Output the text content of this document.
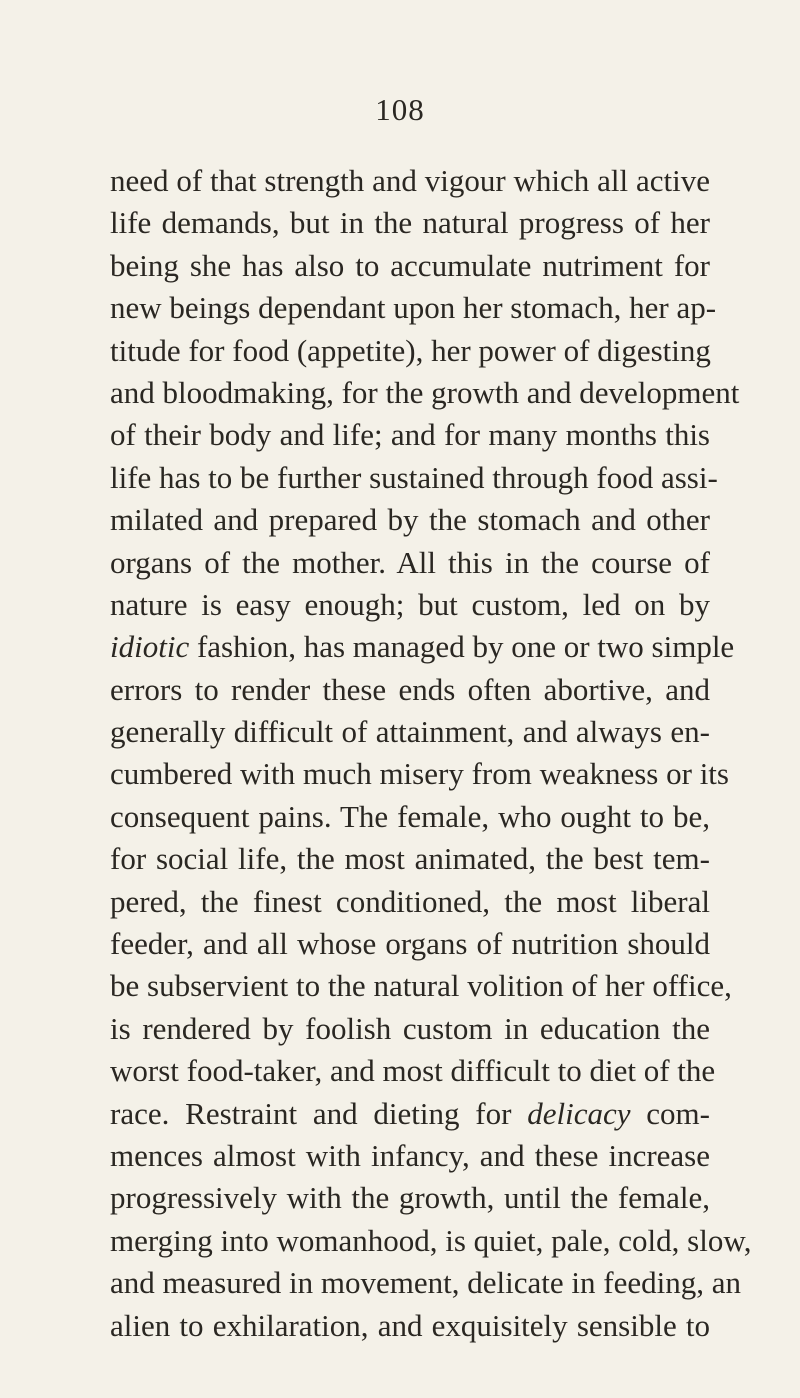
108
need of that strength and vigour which all active
life demands, but in the natural progress of her
being she has also to accumulate nutriment for
new beings dependant upon her stomach, her ap-
titude for food (appetite), her power of digesting
and bloodmaking, for the growth and development
of their body and life; and for many months this
life has to be further sustained through food assi-
milated and prepared by the stomach and other
organs of the mother. All this in the course of
nature is easy enough; but custom, led on by
idiotic fashion, has managed by one or two simple
errors to render these ends often abortive, and
generally difficult of attainment, and always en-
cumbered with much misery from weakness or its
consequent pains. The female, who ought to be,
for social life, the most animated, the best tem-
pered, the finest conditioned, the most liberal
feeder, and all whose organs of nutrition should
be subservient to the natural volition of her office,
is rendered by foolish custom in education the
worst food-taker, and most difficult to diet of the
race. Restraint and dieting for delicacy com-
mences almost with infancy, and these increase
progressively with the growth, until the female,
merging into womanhood, is quiet, pale, cold, slow,
and measured in movement, delicate in feeding, an
alien to exhilaration, and exquisitely sensible to
